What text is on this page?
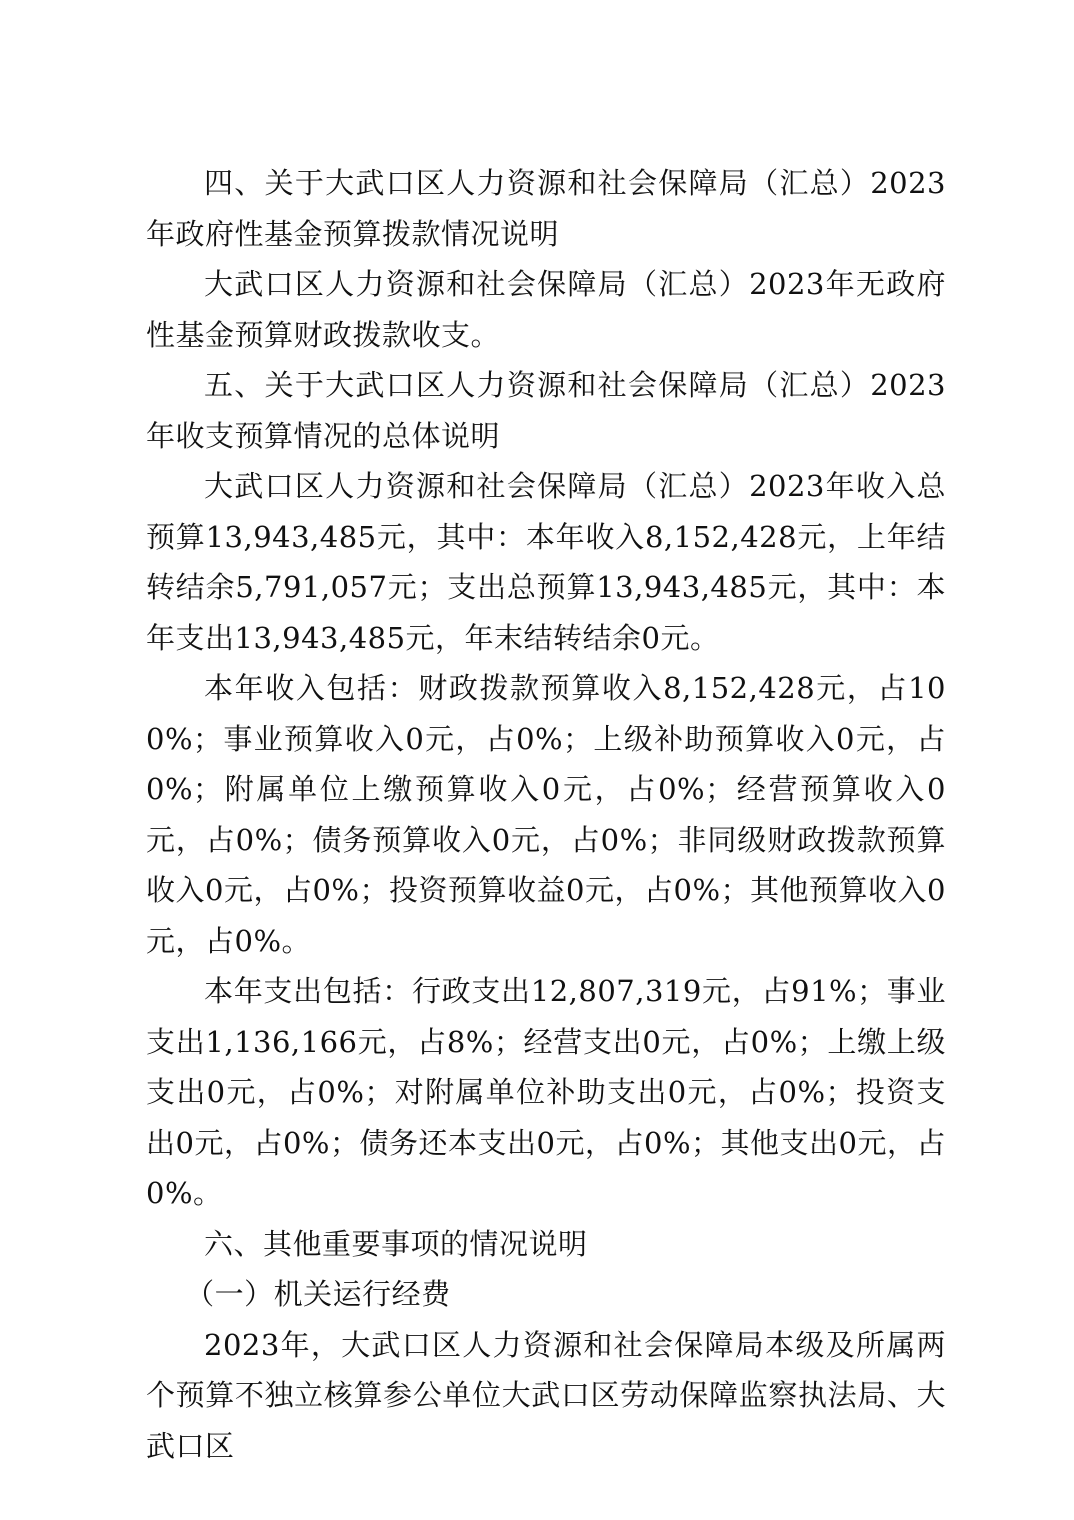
四、关于大武口区人力资源和社会保障局（汇总）2023年政府性基金预算拨款情况说明

大武口区人力资源和社会保障局（汇总）2023年无政府性基金预算财政拨款收支。

五、关于大武口区人力资源和社会保障局（汇总）2023年收支预算情况的总体说明

大武口区人力资源和社会保障局（汇总）2023年收入总预算13,943,485元，其中：本年收入8,152,428元，上年结转结余5,791,057元；支出总预算13,943,485元，其中：本年支出13,943,485元，年末结转结余0元。

本年收入包括：财政拨款预算收入8,152,428元，占100%；事业预算收入0元，占0%；上级补助预算收入0元，占0%；附属单位上缴预算收入0元，占0%；经营预算收入0元，占0%；债务预算收入0元，占0%；非同级财政拨款预算收入0元，占0%；投资预算收益0元，占0%；其他预算收入0元，占0%。

本年支出包括：行政支出12,807,319元，占91%；事业支出1,136,166元，占8%；经营支出0元，占0%；上缴上级支出0元，占0%；对附属单位补助支出0元，占0%；投资支出0元，占0%；债务还本支出0元，占0%；其他支出0元，占0%。

六、其他重要事项的情况说明

（一）机关运行经费

2023年，大武口区人力资源和社会保障局本级及所属两个预算不独立核算参公单位大武口区劳动保障监察执法局、大武口区
